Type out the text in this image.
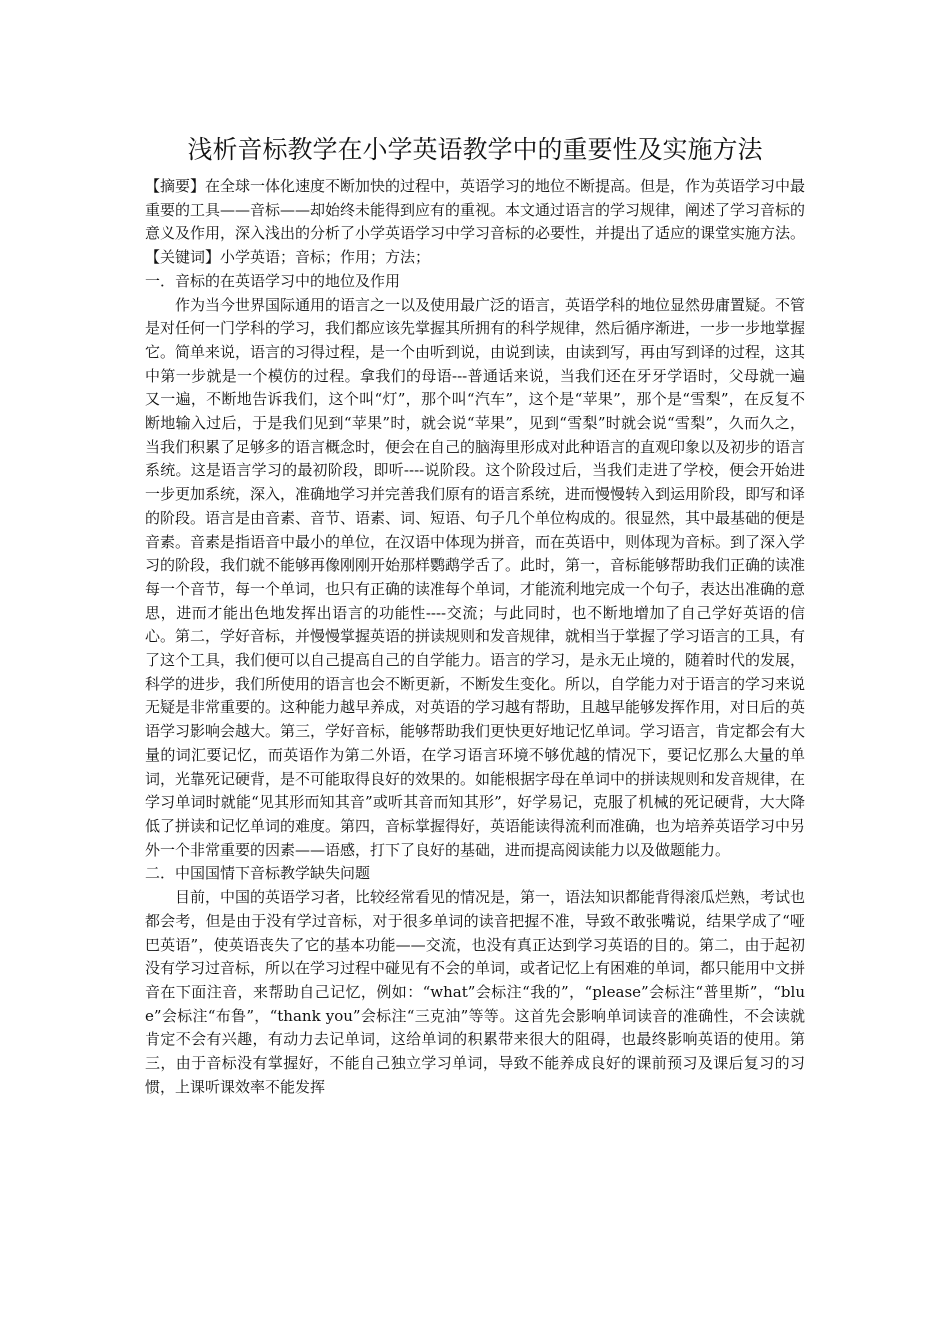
浅析音标教学在小学英语教学中的重要性及实施方法

【摘要】在全球一体化速度不断加快的过程中，英语学习的地位不断提高。但是，作为英语学习中最重要的工具——音标——却始终未能得到应有的重视。本文通过语言的学习规律，阐述了学习音标的意义及作用，深入浅出的分析了小学英语学习中学习音标的必要性，并提出了适应的课堂实施方法。

【关键词】小学英语；音标；作用；方法；

一．音标的在英语学习中的地位及作用

作为当今世界国际通用的语言之一以及使用最广泛的语言，英语学科的地位显然毋庸置疑。不管是对任何一门学科的学习，我们都应该先掌握其所拥有的科学规律，然后循序渐进，一步一步地掌握它。简单来说，语言的习得过程，是一个由听到说，由说到读，由读到写，再由写到译的过程，这其中第一步就是一个模仿的过程。拿我们的母语---普通话来说，当我们还在牙牙学语时，父母就一遍又一遍，不断地告诉我们，这个叫“灯”，那个叫“汽车”，这个是“苹果”，那个是“雪梨”，在反复不断地输入过后，于是我们见到“苹果”时，就会说“苹果”，见到“雪梨”时就会说“雪梨”，久而久之，当我们积累了足够多的语言概念时，便会在自己的脑海里形成对此种语言的直观印象以及初步的语言系统。这是语言学习的最初阶段，即听----说阶段。这个阶段过后，当我们走进了学校，便会开始进一步更加系统，深入，准确地学习并完善我们原有的语言系统，进而慢慢转入到运用阶段，即写和译的阶段。语言是由音素、音节、语素、词、短语、句子几个单位构成的。很显然，其中最基础的便是音素。音素是指语音中最小的单位，在汉语中体现为拼音，而在英语中，则体现为音标。到了深入学习的阶段，我们就不能够再像刚刚开始那样鹦鹉学舌了。此时，第一，音标能够帮助我们正确的读准每一个音节，每一个单词，也只有正确的读准每个单词，才能流利地完成一个句子，表达出准确的意思，进而才能出色地发挥出语言的功能性----交流；与此同时，也不断地增加了自己学好英语的信心。第二，学好音标，并慢慢掌握英语的拼读规则和发音规律，就相当于掌握了学习语言的工具，有了这个工具，我们便可以自己提高自己的自学能力。语言的学习，是永无止境的，随着时代的发展，科学的进步，我们所使用的语言也会不断更新，不断发生变化。所以，自学能力对于语言的学习来说无疑是非常重要的。这种能力越早养成，对英语的学习越有帮助，且越早能够发挥作用，对日后的英语学习影响会越大。第三，学好音标，能够帮助我们更快更好地记忆单词。学习语言，肯定都会有大量的词汇要记忆，而英语作为第二外语，在学习语言环境不够优越的情况下，要记忆那么大量的单词，光靠死记硬背，是不可能取得良好的效果的。如能根据字母在单词中的拼读规则和发音规律，在学习单词时就能“见其形而知其音”或听其音而知其形”，好学易记，克服了机械的死记硬背，大大降低了拼读和记忆单词的难度。第四，音标掌握得好，英语能读得流利而准确，也为培养英语学习中另外一个非常重要的因素——语感，打下了良好的基础，进而提高阅读能力以及做题能力。

二．中国国情下音标教学缺失问题

目前，中国的英语学习者，比较经常看见的情况是，第一，语法知识都能背得滚瓜烂熟，考试也都会考，但是由于没有学过音标，对于很多单词的读音把握不准，导致不敢张嘴说，结果学成了“哑巴英语”，使英语丧失了它的基本功能——交流，也没有真正达到学习英语的目的。第二，由于起初没有学习过音标，所以在学习过程中碰见有不会的单词，或者记忆上有困难的单词，都只能用中文拼音在下面注音，来帮助自己记忆，例如：“what”会标注“我的”，“please”会标注“普里斯”，“blue”会标注“布鲁”，“thank you”会标注“三克油”等等。这首先会影响单词读音的准确性，不会读就肯定不会有兴趣，有动力去记单词，这给单词的积累带来很大的阻碍，也最终影响英语的使用。第三，由于音标没有掌握好，不能自己独立学习单词，导致不能养成良好的课前预习及课后复习的习惯，上课听课效率不能发挥
